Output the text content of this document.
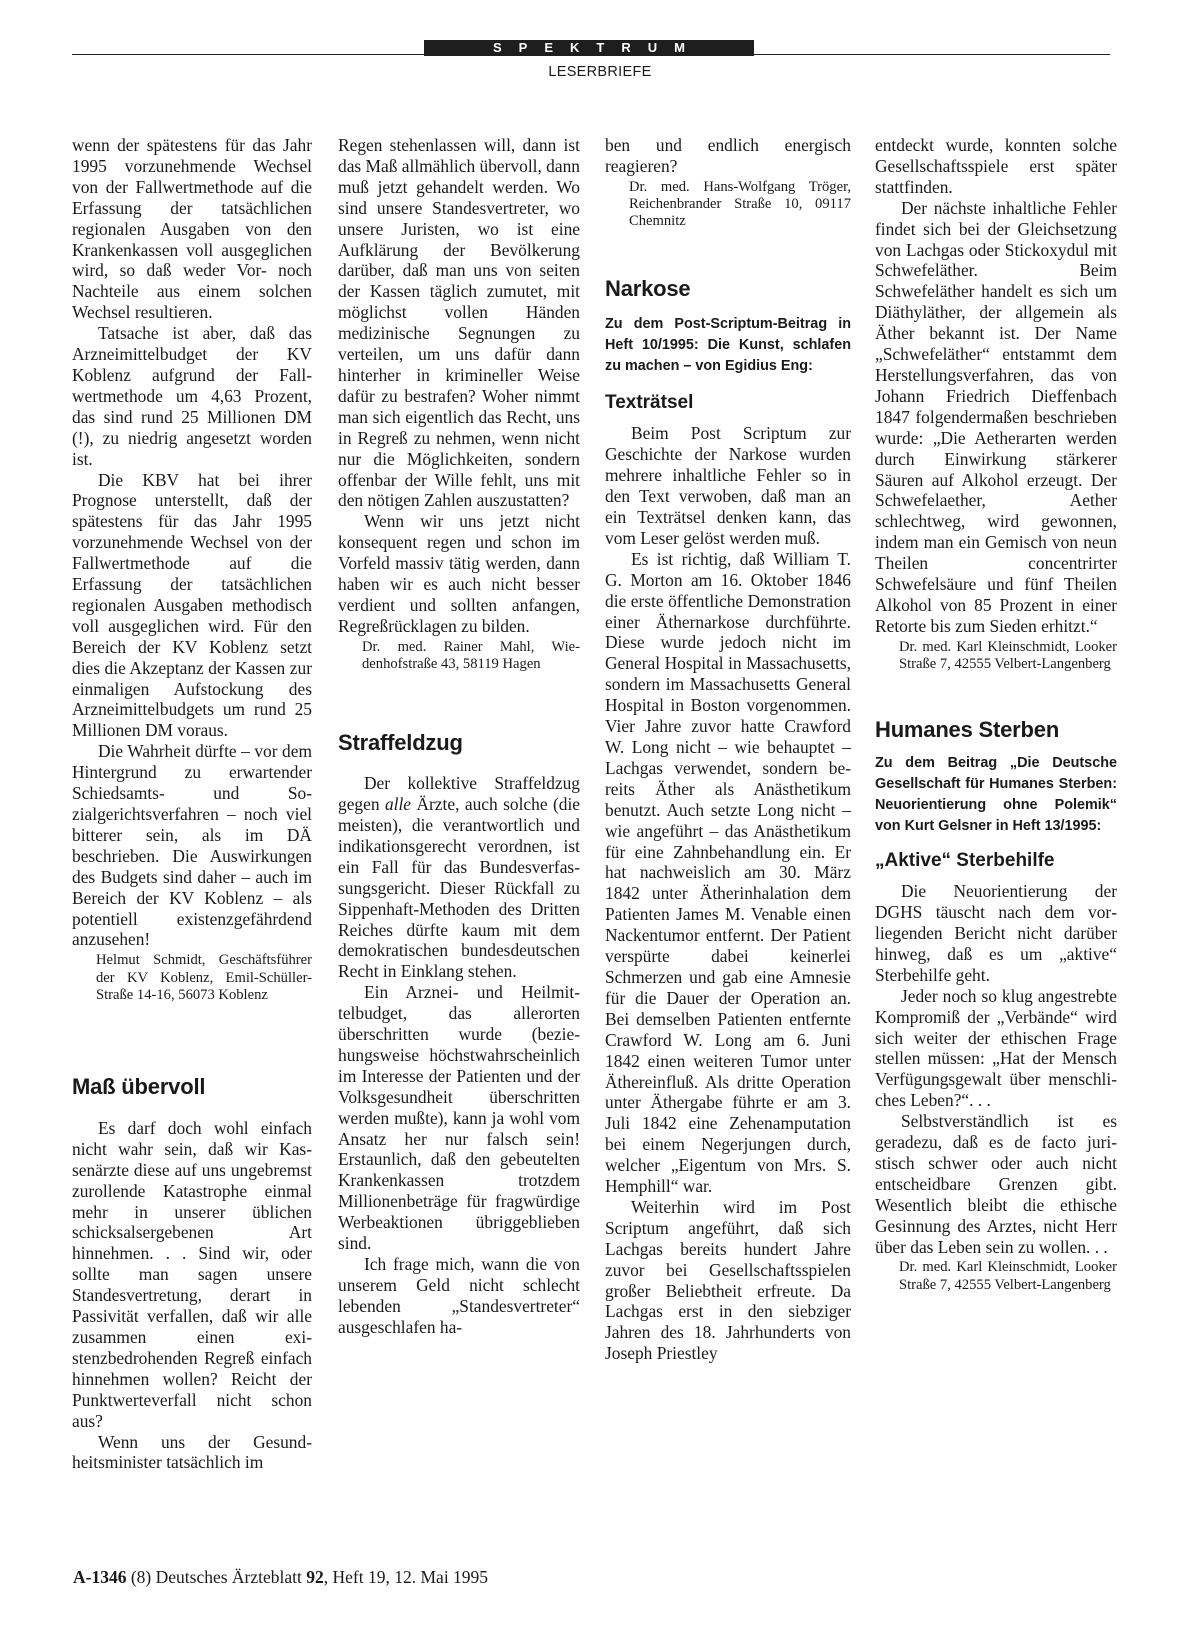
SPEKTRUM
LESERBRIEFE

wenn der spätestens für das Jahr 1995 vorzunehmende Wechsel von der Fallwertmethode auf die Erfassung der tatsächlichen regionalen Ausgaben von den Krankenkassen voll ausgeglichen wird, so daß weder Vor- noch Nachteile aus einem solchen Wechsel resultieren.

Tatsache ist aber, daß das Arzneimittelbudget der KV Koblenz aufgrund der Fallwertmethode um 4,63 Prozent, das sind rund 25 Millionen DM (!), zu niedrig angesetzt worden ist.

Die KBV hat bei ihrer Prognose unterstellt, daß der spätestens für das Jahr 1995 vorzunehmende Wechsel von der Fallwertmethode auf die Erfassung der tatsächlichen regionalen Ausgaben methodisch voll ausgeglichen wird. Für den Bereich der KV Koblenz setzt dies die Akzeptanz der Kassen zur einmaligen Aufstockung des Arzneimittelbudgets um rund 25 Millionen DM voraus.

Die Wahrheit dürfte – vor dem Hintergrund zu erwartender Schiedsamts- und Sozialgerichtsverfahren – noch viel bitterer sein, als im DÄ beschrieben. Die Auswirkungen des Budgets sind daher – auch im Bereich der KV Koblenz – als potentiell existenzgefährdend anzusehen!

Helmut Schmidt, Geschäftsführer der KV Koblenz, Emil-Schüller-Straße 14-16, 56073 Koblenz

Maß übervoll

Es darf doch wohl einfach nicht wahr sein, daß wir Kassenärzte diese auf uns ungebremst zurollende Katastrophe einmal mehr in unserer üblichen schicksalsergebenen Art hinnehmen. . . Sind wir, oder sollte man sagen unsere Standesvertretung, derart in Passivität verfallen, daß wir alle zusammen einen existenzbedrohenden Regreß einfach hinnehmen wollen? Reicht der Punktwerteverfall nicht schon aus?

Wenn uns der Gesundheitsminister tatsächlich im

Regen stehenlassen will, dann ist das Maß allmählich übervoll, dann muß jetzt gehandelt werden. Wo sind unsere Standesvertreter, wo unsere Juristen, wo ist eine Aufklärung der Bevölkerung darüber, daß man uns von seiten der Kassen täglich zumutet, mit möglichst vollen Händen medizinische Segnungen zu verteilen, um uns dafür dann hinterher in krimineller Weise dafür zu bestrafen? Woher nimmt man sich eigentlich das Recht, uns in Regreß zu nehmen, wenn nicht nur die Möglichkeiten, sondern offenbar der Wille fehlt, uns mit den nötigen Zahlen auszustatten?

Wenn wir uns jetzt nicht konsequent regen und schon im Vorfeld massiv tätig werden, dann haben wir es auch nicht besser verdient und sollten anfangen, Regreßrücklagen zu bilden.

Dr. med. Rainer Mahl, Wiedenhofstraße 43, 58119 Hagen

Straffeldzug

Der kollektive Straffeldzug gegen alle Ärzte, auch solche (die meisten), die verantwortlich und indikationsgerecht verordnen, ist ein Fall für das Bundesverfassungsgericht. Dieser Rückfall zu Sippenhaft-Methoden des Dritten Reiches dürfte kaum mit dem demokratischen bundesdeutschen Recht in Einklang stehen.

Ein Arznei- und Heilmittelbudget, das allerorten überschritten wurde (beziehungsweise höchstwahrscheinlich im Interesse der Patienten und der Volksgesundheit überschritten werden mußte), kann ja wohl vom Ansatz her nur falsch sein! Erstaunlich, daß den gebeutelten Krankenkassen trotzdem Millionenbeträge für fragwürdige Werbeaktionen übriggeblieben sind.

Ich frage mich, wann die von unserem Geld nicht schlecht lebenden „Standesvertreter“ ausgeschlafen ha-

ben und endlich energisch reagieren?

Dr. med. Hans-Wolfgang Tröger, Reichenbrander Straße 10, 09117 Chemnitz

Narkose

Zu dem Post-Scriptum-Beitrag in Heft 10/1995: Die Kunst, schlafen zu machen – von Egidius Eng:

Texträtsel

Beim Post Scriptum zur Geschichte der Narkose wurden mehrere inhaltliche Fehler so in den Text verwoben, daß man an ein Texträtsel denken kann, das vom Leser gelöst werden muß.

Es ist richtig, daß William T. G. Morton am 16. Oktober 1846 die erste öffentliche Demonstration einer Äthernarkose durchführte. Diese wurde jedoch nicht im General Hospital in Massachusetts, sondern im Massachusetts General Hospital in Boston vorgenommen. Vier Jahre zuvor hatte Crawford W. Long nicht – wie behauptet – Lachgas verwendet, sondern bereits Äther als Anästhetikum benutzt. Auch setzte Long nicht – wie angeführt – das Anästhetikum für eine Zahnbehandlung ein. Er hat nachweislich am 30. März 1842 unter Ätherinhalation dem Patienten James M. Venable einen Nackentumor entfernt. Der Patient verspürte dabei keinerlei Schmerzen und gab eine Amnesie für die Dauer der Operation an. Bei demselben Patienten entfernte Crawford W. Long am 6. Juni 1842 einen weiteren Tumor unter Äthereinfluß. Als dritte Operation unter Äthergabe führte er am 3. Juli 1842 eine Zehenamputation bei einem Negerjungen durch, welcher „Eigentum von Mrs. S. Hemphill“ war.

Weiterhin wird im Post Scriptum angeführt, daß sich Lachgas bereits hundert Jahre zuvor bei Gesellschaftsspielen großer Beliebtheit erfreute. Da Lachgas erst in den siebziger Jahren des 18. Jahrhunderts von Joseph Priestley

entdeckt wurde, konnten solche Gesellschaftsspiele erst später stattfinden.

Der nächste inhaltliche Fehler findet sich bei der Gleichsetzung von Lachgas oder Stickoxydul mit Schwefeläther. Beim Schwefeläther handelt es sich um Diäthyläther, der allgemein als Äther bekannt ist. Der Name „Schwefeläther“ entstammt dem Herstellungsverfahren, das von Johann Friedrich Dieffenbach 1847 folgendermaßen beschrieben wurde: „Die Aetherarten werden durch Einwirkung stärkerer Säuren auf Alkohol erzeugt. Der Schwefelaether, Aether schlechtweg, wird gewonnen, indem man ein Gemisch von neun Theilen concentrirter Schwefelsäure und fünf Theilen Alkohol von 85 Prozent in einer Retorte bis zum Sieden erhitzt.“

Dr. med. Karl Kleinschmidt, Looker Straße 7, 42555 Velbert-Langenberg

Humanes Sterben

Zu dem Beitrag „Die Deutsche Gesellschaft für Humanes Sterben: Neuorientierung ohne Polemik“ von Kurt Gelsner in Heft 13/1995:

„Aktive“ Sterbehilfe

Die Neuorientierung der DGHS täuscht nach dem vorliegenden Bericht nicht darüber hinweg, daß es um „aktive“ Sterbehilfe geht.

Jeder noch so klug angestrebte Kompromiß der „Verbände“ wird sich weiter der ethischen Frage stellen müssen: „Hat der Mensch Verfügungsgewalt über menschliches Leben?“. . .

Selbstverständlich ist es geradezu, daß es de facto juristisch schwer oder auch nicht entscheidbare Grenzen gibt. Wesentlich bleibt die ethische Gesinnung des Arztes, nicht Herr über das Leben sein zu wollen. . .

Dr. med. Karl Kleinschmidt, Looker Straße 7, 42555 Velbert-Langenberg

A-1346 (8) Deutsches Ärzteblatt 92, Heft 19, 12. Mai 1995
